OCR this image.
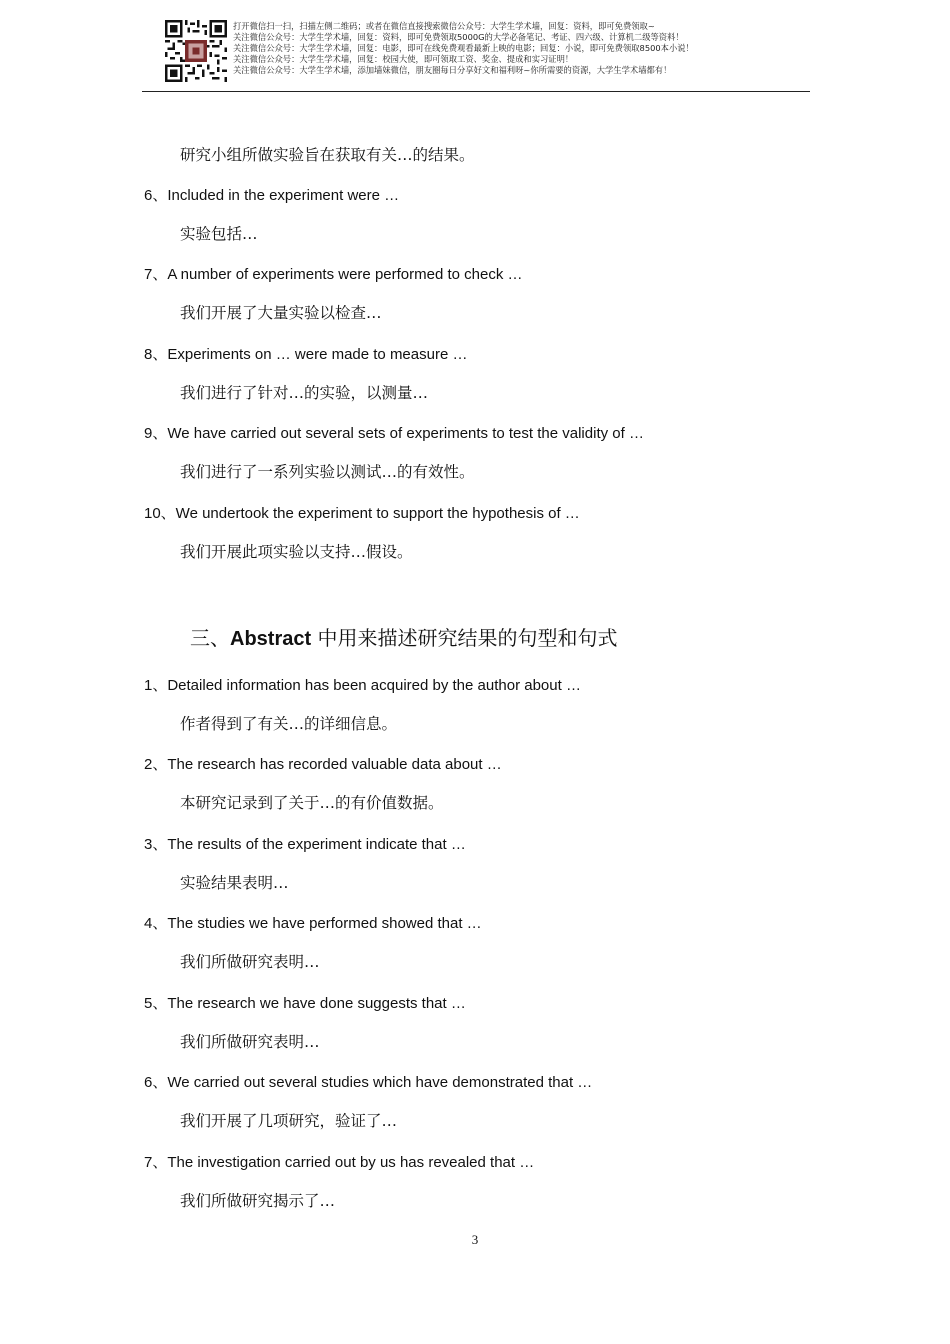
打开微信扫一扫，扫描左侧二维码；或者在微信直接搜索微信公众号：大学生学术墙，回复：资料，即可免费领取~
关注微信公众号：大学生学术墙，回复：资料，即可免费领取5000G的大学必备笔记、考证、四六级、计算机二级等资料！
关注微信公众号：大学生学术墙，回复：电影，即可在线免费观看最新上映的电影；回复：小说，即可免费领取8500本小说！
关注微信公众号：大学生学术墙，回复：校园大使，即可领取工资、奖金、提成和实习证明！
关注微信公众号：大学生学术墙，添加墙妹微信，朋友圈每日分享好文和福利呀~你所需要的资源，大学生学术墙都有！
研究小组所做实验旨在获取有关…的结果。
6、Included in the experiment were …
实验包括…
7、A number of experiments were performed to check …
我们开展了大量实验以检查…
8、Experiments on … were made to measure …
我们进行了针对…的实验，以测量…
9、We have carried out several sets of experiments to test the validity of …
我们进行了一系列实验以测试…的有效性。
10、We undertook the experiment to support the hypothesis of …
我们开展此项实验以支持…假设。
三、Abstract 中用来描述研究结果的句型和句式
1、Detailed information has been acquired by the author about …
作者得到了有关…的详细信息。
2、The research has recorded valuable data about …
本研究记录到了关于…的有价值数据。
3、The results of the experiment indicate that …
实验结果表明…
4、The studies we have performed showed that …
我们所做研究表明…
5、The research we have done suggests that …
我们所做研究表明…
6、We carried out several studies which have demonstrated that …
我们开展了几项研究，验证了…
7、The investigation carried out by us has revealed that …
我们所做研究揭示了…
3
